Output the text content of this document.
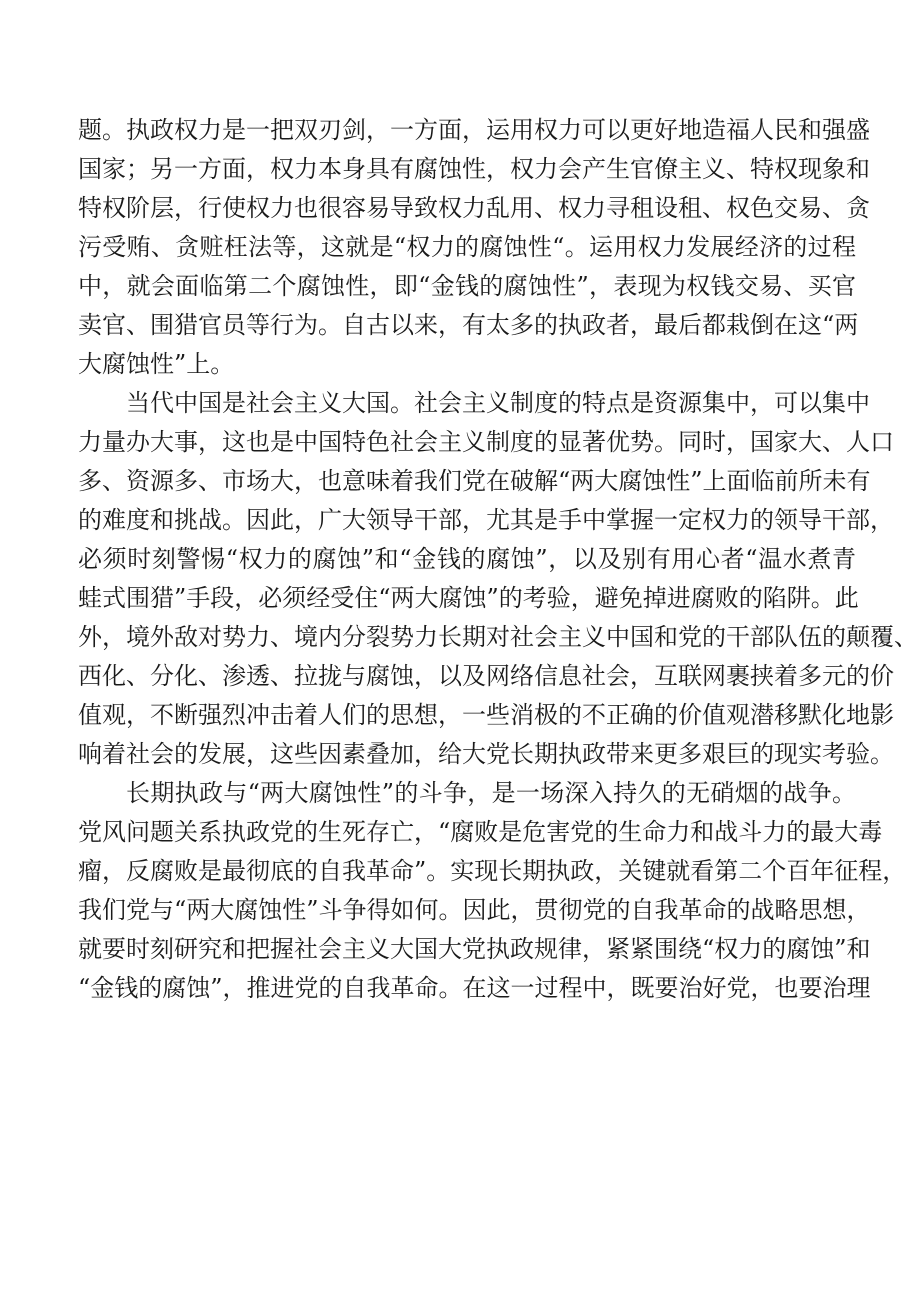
题。执政权力是一把双刃剑，一方面，运用权力可以更好地造福人民和强盛
国家；另一方面，权力本身具有腐蚀性，权力会产生官僚主义、特权现象和
特权阶层，行使权力也很容易导致权力乱用、权力寻租设租、权色交易、贪
污受贿、贪赃枉法等，这就是“权力的腐蚀性“。运用权力发展经济的过程
中，就会面临第二个腐蚀性，即“金钱的腐蚀性”，表现为权钱交易、买官
卖官、围猎官员等行为。自古以来，有太多的执政者，最后都栽倒在这“两
大腐蚀性”上。
当代中国是社会主义大国。社会主义制度的特点是资源集中，可以集中
力量办大事，这也是中国特色社会主义制度的显著优势。同时，国家大、人口
多、资源多、市场大，也意味着我们党在破解“两大腐蚀性”上面临前所未有
的难度和挑战。因此，广大领导干部，尤其是手中掌握一定权力的领导干部，
必须时刻警惕“权力的腐蚀”和“金钱的腐蚀”，以及别有用心者“温水煮青
蛙式围猎”手段，必须经受住“两大腐蚀”的考验，避免掉进腐败的陷阱。此
外，境外敌对势力、境内分裂势力长期对社会主义中国和党的干部队伍的颠覆、
西化、分化、渗透、拉拢与腐蚀，以及网络信息社会，互联网裹挟着多元的价
值观，不断强烈冲击着人们的思想，一些消极的不正确的价值观潜移默化地影
响着社会的发展，这些因素叠加，给大党长期执政带来更多艰巨的现实考验。
长期执政与“两大腐蚀性”的斗争，是一场深入持久的无硝烟的战争。
党风问题关系执政党的生死存亡，“腐败是危害党的生命力和战斗力的最大毒
瘤，反腐败是最彻底的自我革命”。实现长期执政，关键就看第二个百年征程，
我们党与“两大腐蚀性”斗争得如何。因此，贯彻党的自我革命的战略思想，
就要时刻研究和把握社会主义大国大党执政规律，紧紧围绕“权力的腐蚀”和
“金钱的腐蚀”，推进党的自我革命。在这一过程中，既要治好党，也要治理
